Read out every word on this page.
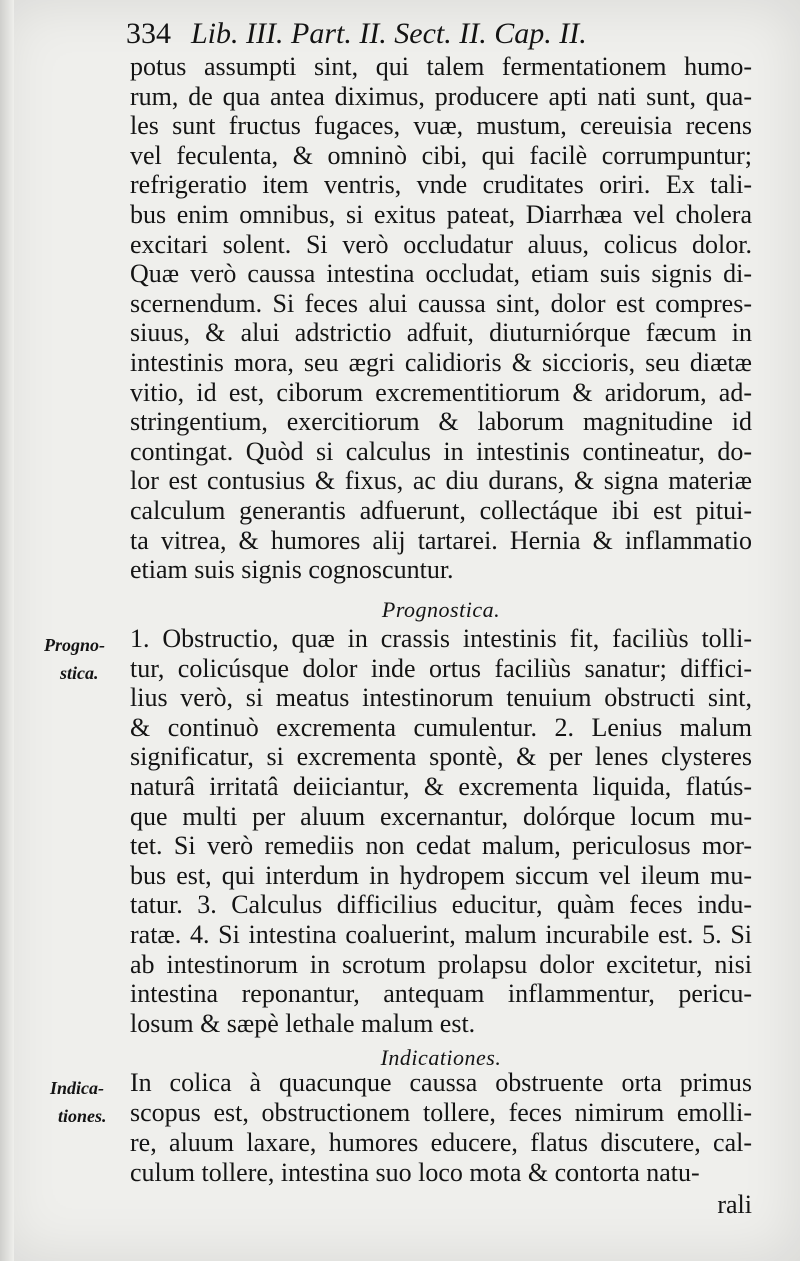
334 Lib. III. Part. II. Sect. II. Cap. II.
potus assumpti sint, qui talem fermentationem humo-
rum, de qua antea diximus, producere apti nati sunt, qua-
les sunt fructus fugaces, vuæ, mustum, cereuisia recens
vel feculenta, & omninò cibi, qui facilè corrumpuntur;
refrigeratio item ventris, vnde cruditates oriri. Ex tali-
bus enim omnibus, si exitus pateat, Diarrhæa vel cholera
excitari solent. Si verò occludatur aluus, colicus dolor.
Quæ verò caussa intestina occludat, etiam suis signis di-
scernendum. Si feces alui caussa sint, dolor est compres-
siuus, & alui adstrictio adfuit, diuturniórque fæcum in
intestinis mora, seu ægri calidioris & siccioris, seu diætæ
vitio, id est, ciborum excrementitiorum & aridorum, ad-
stringentium, exercitiorum & laborum magnitudine id
contingat. Quòd si calculus in intestinis contineatur, do-
lor est contusius & fixus, ac diu durans, & signa materiæ
calculum generantis adfuerunt, collectáque ibi est pitui-
ta vitrea, & humores alij tartarei. Hernia & inflammatio
etiam suis signis cognoscuntur.
Prognostica.
Progno-
stica.
1. Obstructio, quæ in crassis intestinis fit, faciliùs tolli-
tur, colicúsque dolor inde ortus faciliùs sanatur; diffici-
lius verò, si meatus intestinorum tenuium obstructi sint,
& continuò excrementa cumulentur. 2. Lenius malum
significatur, si excrementa spontè, & per lenes clysteres
naturâ irritatâ deiiciantur, & excrementa liquida, flatús-
que multi per aluum excernantur, dolórque locum mu-
tet. Si verò remediis non cedat malum, periculosus mor-
bus est, qui interdum in hydropem siccum vel ileum mu-
tatur. 3. Calculus difficilius educitur, quàm feces indu-
ratæ. 4. Si intestina coaluerint, malum incurabile est. 5. Si
ab intestinorum in scrotum prolapsu dolor excitetur, nisi
intestina reponantur, antequam inflammentur, pericu-
losum & sæpè lethale malum est.
Indicationes.
Indica-
tiones.
In colica à quacunque caussa obstruente orta primus
scopus est, obstructionem tollere, feces nimirum emolli-
re, aluum laxare, humores educere, flatus discutere, cal-
culum tollere, intestina suo loco mota & contorta natu-
rali
